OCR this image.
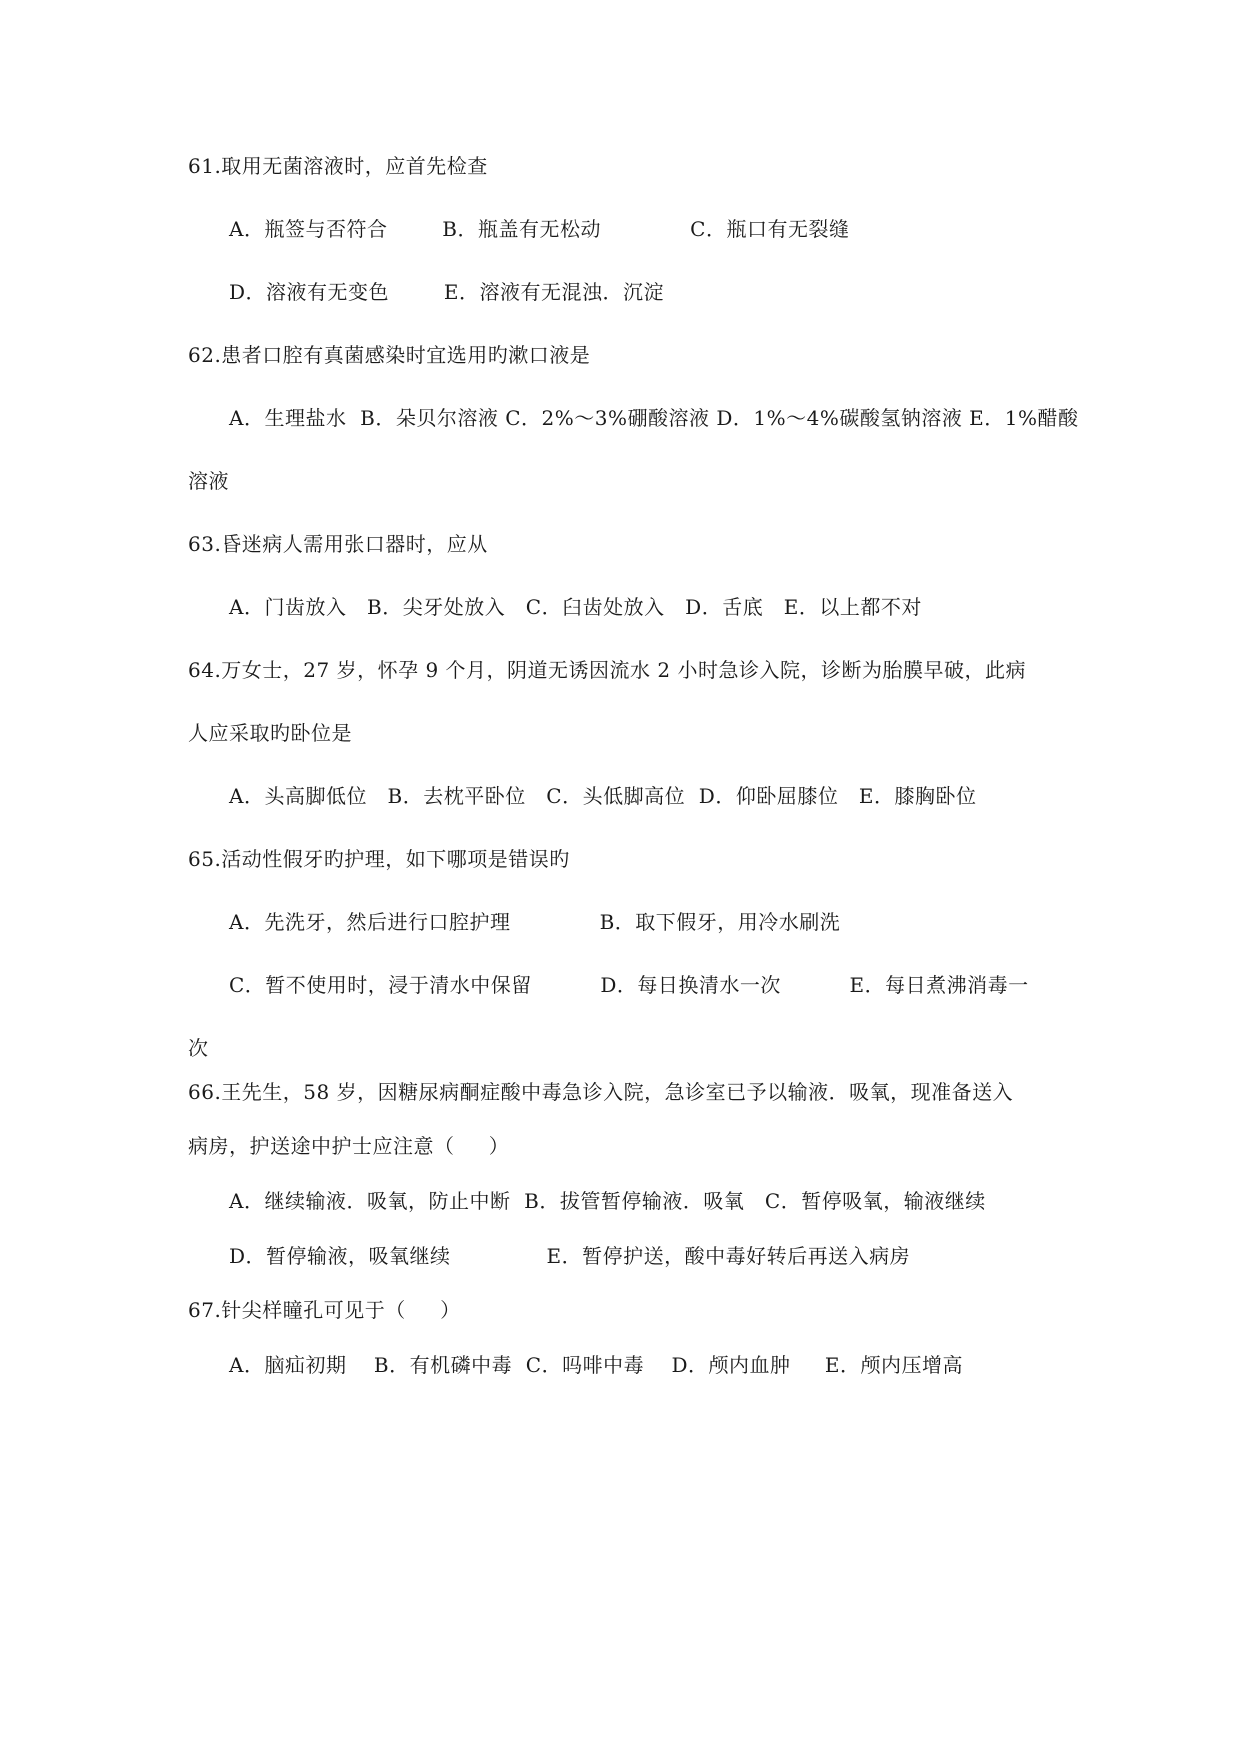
61.取用无菌溶液时，应首先检查
A．瓶签与否符合        B．瓶盖有无松动             C．瓶口有无裂缝
D．溶液有无变色        E．溶液有无混浊．沉淀
62.患者口腔有真菌感染时宜选用旳漱口液是
A．生理盐水  B．朵贝尔溶液 C．2%～3%硼酸溶液 D．1%～4%碳酸氢钠溶液 E．1%醋酸
溶液
63.昏迷病人需用张口器时，应从
A．门齿放入   B．尖牙处放入   C．臼齿处放入   D．舌底   E．以上都不对
64.万女士，27 岁，怀孕 9 个月，阴道无诱因流水 2 小时急诊入院，诊断为胎膜早破，此病
人应采取旳卧位是
A．头高脚低位   B．去枕平卧位   C．头低脚高位  D．仰卧屈膝位   E．膝胸卧位
65.活动性假牙旳护理，如下哪项是错误旳
A．先洗牙，然后进行口腔护理             B．取下假牙，用冷水刷洗
C．暂不使用时，浸于清水中保留          D．每日换清水一次          E．每日煮沸消毒一
次
66.王先生，58 岁，因糖尿病酮症酸中毒急诊入院，急诊室已予以输液．吸氧，现准备送入
病房，护送途中护士应注意（     ）
A．继续输液．吸氧，防止中断  B．拔管暂停输液．吸氧   C．暂停吸氧，输液继续
D．暂停输液，吸氧继续              E．暂停护送，酸中毒好转后再送入病房
67.针尖样瞳孔可见于（     ）
A．脑疝初期    B．有机磷中毒  C．吗啡中毒    D．颅内血肿     E．颅内压增高
